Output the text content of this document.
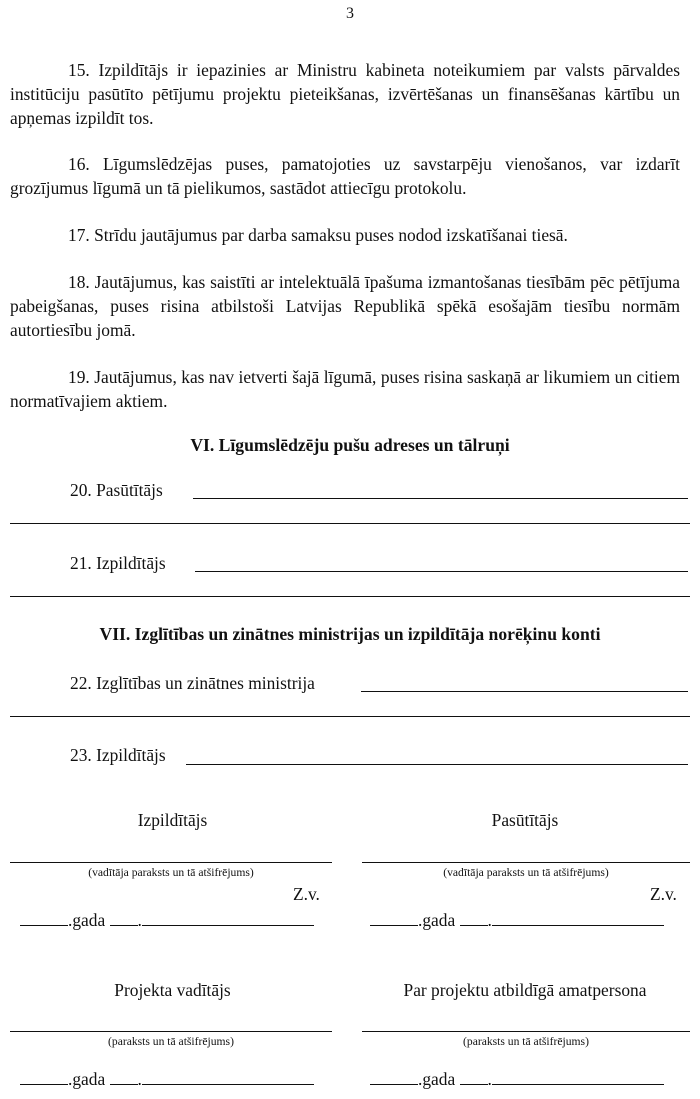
3

15. Izpildītājs ir iepazinies ar Ministru kabineta noteikumiem par valsts pārvaldes institūciju pasūtīto pētījumu projektu pieteikšanas, izvērtēšanas un finansēšanas kārtību un apņemas izpildīt tos.

16. Līgumslēdzējas puses, pamatojoties uz savstarpēju vienošanos, var izdarīt grozījumus līgumā un tā pielikumos, sastādot attiecīgu protokolu.

17. Strīdu jautājumus par darba samaksu puses nodod izskatīšanai tiesā.

18. Jautājumus, kas saistīti ar intelektuālā īpašuma izmantošanas tiesībām pēc pētījuma pabeigšanas, puses risina atbilstoši Latvijas Republikā spēkā esošajām tiesību normām autortiesību jomā.

19. Jautājumus, kas nav ietverti šajā līgumā, puses risina saskaņā ar likumiem un citiem normatīvajiem aktiem.

VI. Līgumslēdzēju pušu adreses un tālruņi
20. Pasūtītājs
21. Izpildītājs
VII. Izglītības un zinātnes ministrijas un izpildītāja norēķinu konti
22. Izglītības un zinātnes ministrija
23. Izpildītājs
Izpildītājs	Pasūtītājs
(vadītāja paraksts un tā atšifrējums)	(vadītāja paraksts un tā atšifrējums)
Z.v.	Z.v.
.gada .	.gada .
Projekta vadītājs	Par projektu atbildīgā amatpersona
(paraksts un tā atšifrējums)	(paraksts un tā atšifrējums)
.gada .	.gada .
